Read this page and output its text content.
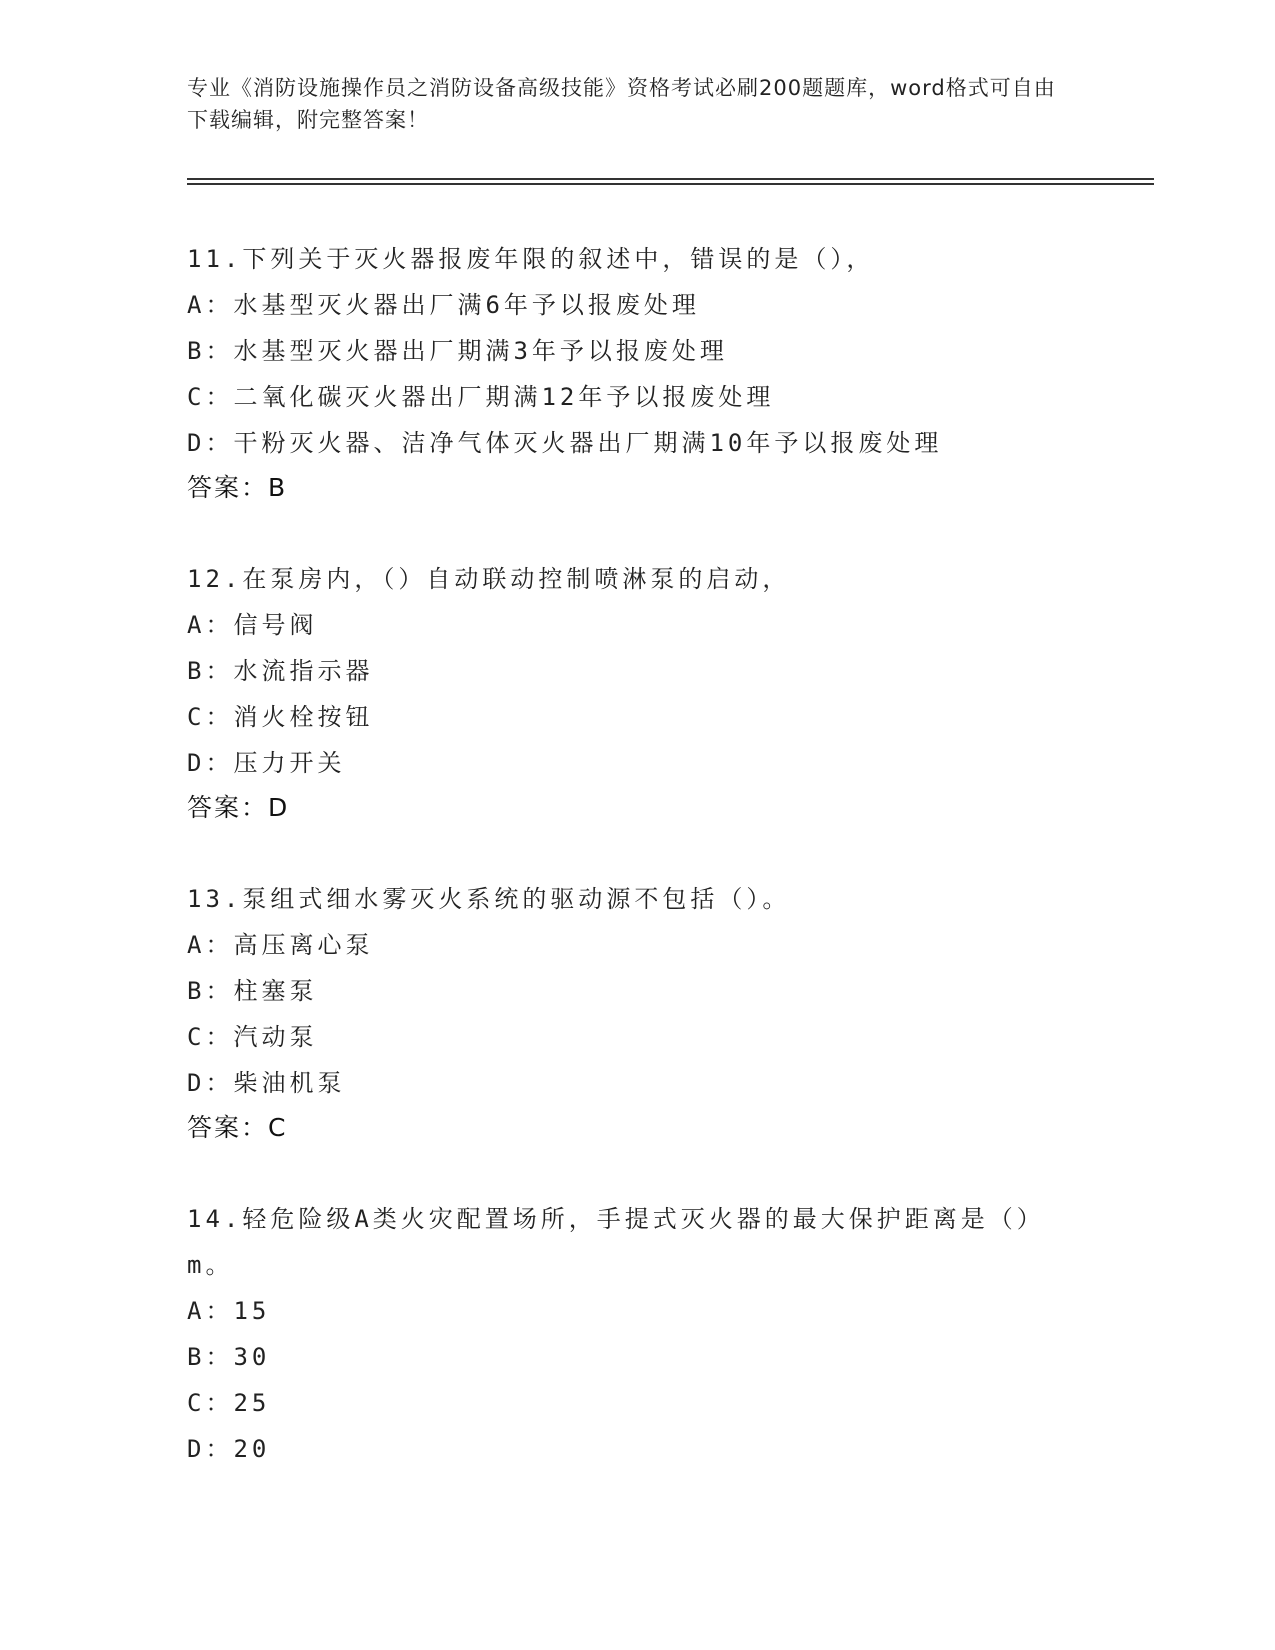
专业《消防设施操作员之消防设备高级技能》资格考试必刷200题题库，word格式可自由下载编辑，附完整答案！
11.下列关于灭火器报废年限的叙述中，错误的是（），
A：水基型灭火器出厂满6年予以报废处理
B：水基型灭火器出厂期满3年予以报废处理
C：二氧化碳灭火器出厂期满12年予以报废处理
D：干粉灭火器、洁净气体灭火器出厂期满10年予以报废处理
答案：B
12.在泵房内，（）自动联动控制喷淋泵的启动，
A：信号阀
B：水流指示器
C：消火栓按钮
D：压力开关
答案：D
13.泵组式细水雾灭火系统的驱动源不包括（）。
A：高压离心泵
B：柱塞泵
C：汽动泵
D：柴油机泵
答案：C
14.轻危险级A类火灾配置场所，手提式灭火器的最大保护距离是（）m。
A：15
B：30
C：25
D：20
